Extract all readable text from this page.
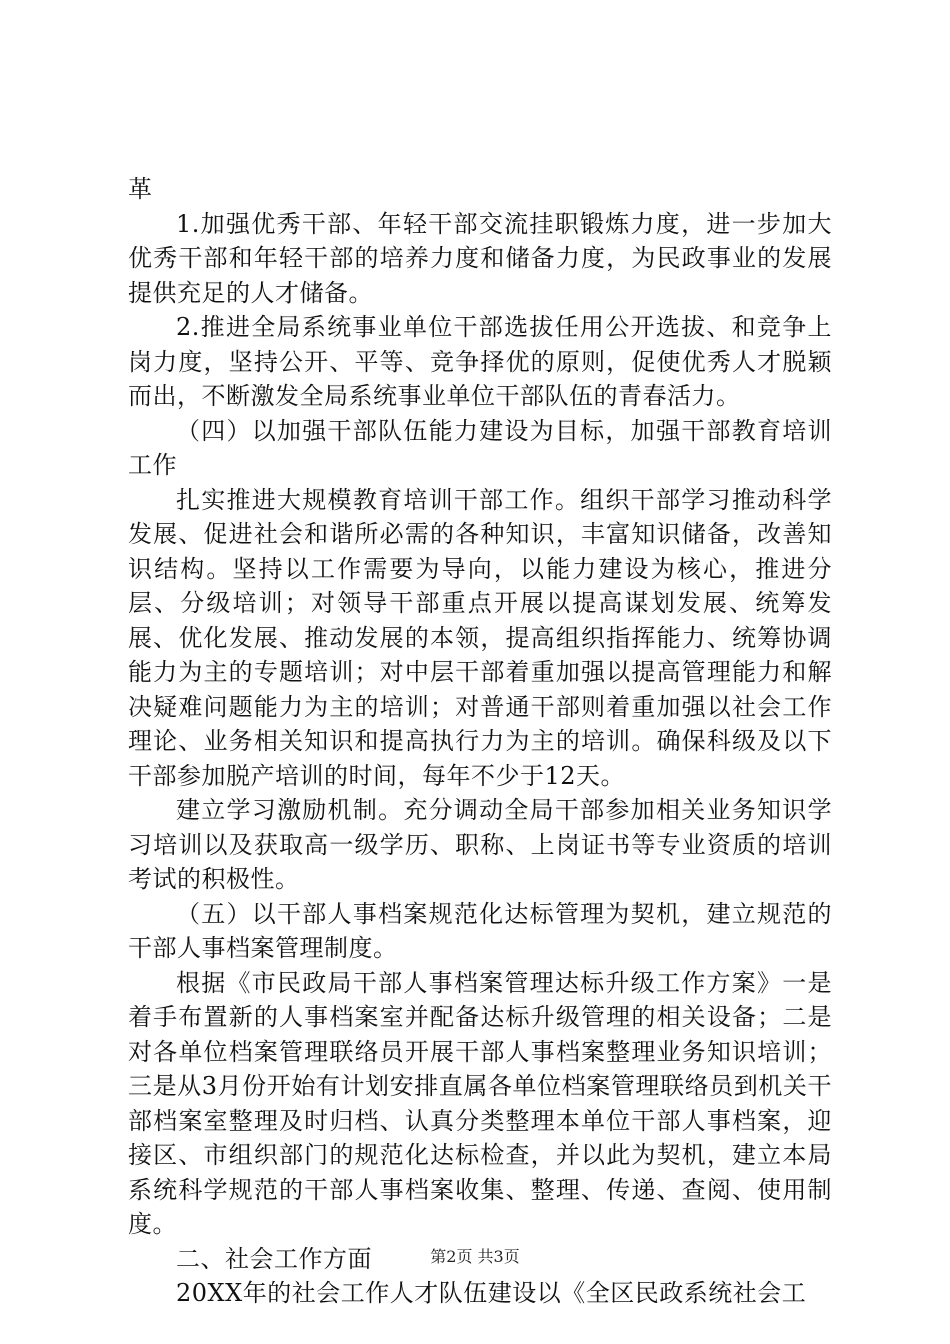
革

1.加强优秀干部、年轻干部交流挂职锻炼力度，进一步加大优秀干部和年轻干部的培养力度和储备力度，为民政事业的发展提供充足的人才储备。

2.推进全局系统事业单位干部选拔任用公开选拔、和竞争上岗力度，坚持公开、平等、竞争择优的原则，促使优秀人才脱颖而出，不断激发全局系统事业单位干部队伍的青春活力。

（四）以加强干部队伍能力建设为目标，加强干部教育培训工作

扎实推进大规模教育培训干部工作。组织干部学习推动科学发展、促进社会和谐所必需的各种知识，丰富知识储备，改善知识结构。坚持以工作需要为导向，以能力建设为核心，推进分层、分级培训；对领导干部重点开展以提高谋划发展、统筹发展、优化发展、推动发展的本领，提高组织指挥能力、统筹协调能力为主的专题培训；对中层干部着重加强以提高管理能力和解决疑难问题能力为主的培训；对普通干部则着重加强以社会工作理论、业务相关知识和提高执行力为主的培训。确保科级及以下干部参加脱产培训的时间，每年不少于12天。

建立学习激励机制。充分调动全局干部参加相关业务知识学习培训以及获取高一级学历、职称、上岗证书等专业资质的培训考试的积极性。

（五）以干部人事档案规范化达标管理为契机，建立规范的干部人事档案管理制度。

根据《市民政局干部人事档案管理达标升级工作方案》一是着手布置新的人事档案室并配备达标升级管理的相关设备；二是对各单位档案管理联络员开展干部人事档案整理业务知识培训；三是从3月份开始有计划安排直属各单位档案管理联络员到机关干部档案室整理及时归档、认真分类整理本单位干部人事档案，迎接区、市组织部门的规范化达标检查，并以此为契机，建立本局系统科学规范的干部人事档案收集、整理、传递、查阅、使用制度。

二、社会工作方面

20XX年的社会工作人才队伍建设以《全区民政系统社会工

第2页 共3页
